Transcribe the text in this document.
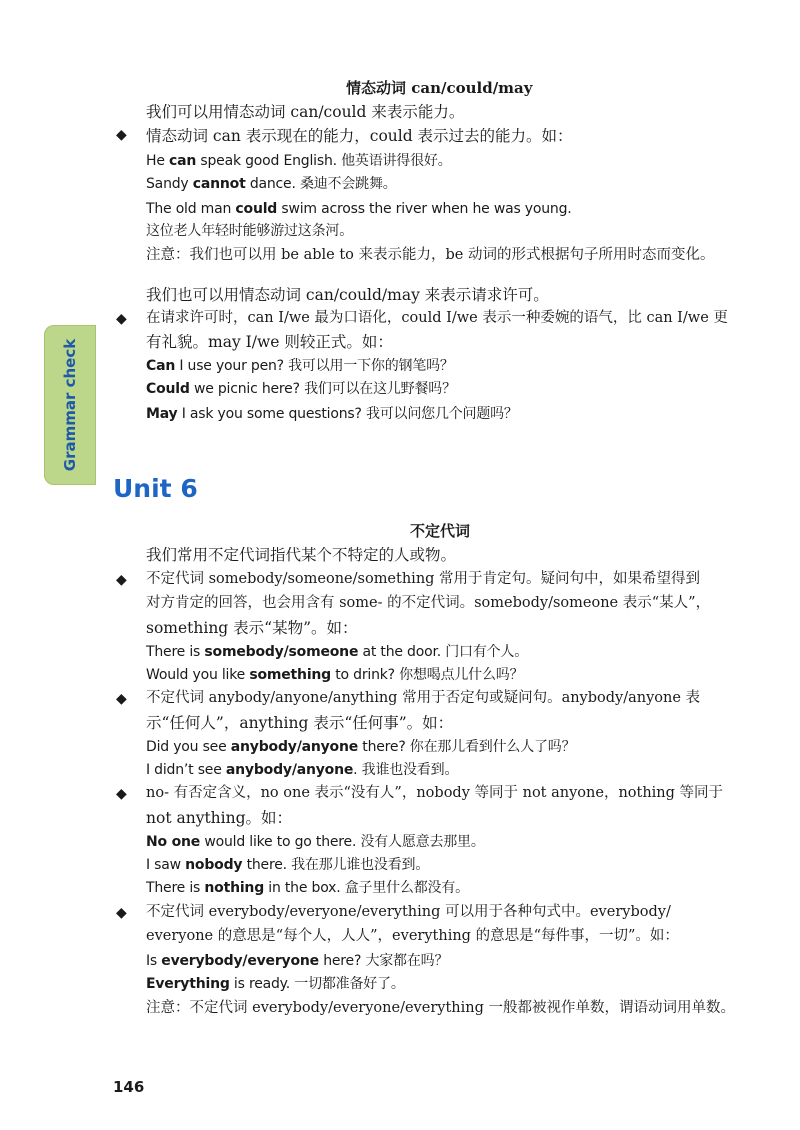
Grammar check
情态动词 can/could/may
我们可以用情态动词 can/could 来表示能力。
◆ 情态动词 can 表示现在的能力，could 表示过去的能力。如：
He can speak good English. 他英语讲得很好。
Sandy cannot dance. 桑迪不会跳舞。
The old man could swim across the river when he was young.
这位老人年轻时能够游过这条河。
注意：我们也可以用 be able to 来表示能力，be 动词的形式根据句子所用时态而变化。
我们也可以用情态动词 can/could/may 来表示请求许可。
◆ 在请求许可时，can I/we 最为口语化，could I/we 表示一种委婉的语气，比 can I/we 更
有礼貌。may I/we 则较正式。如：
Can I use your pen? 我可以用一下你的钢笔吗？
Could we picnic here? 我们可以在这儿野餐吗？
May I ask you some questions? 我可以问您几个问题吗？
Unit 6
不定代词
我们常用不定代词指代某个不特定的人或物。
◆ 不定代词 somebody/someone/something 常用于肯定句。疑问句中，如果希望得到
对方肯定的回答，也会用含有 some- 的不定代词。somebody/someone 表示“某人”，
something 表示“某物”。如：
There is somebody/someone at the door. 门口有个人。
Would you like something to drink? 你想喝点儿什么吗？
◆ 不定代词 anybody/anyone/anything 常用于否定句或疑问句。anybody/anyone 表
示“任何人”，anything 表示“任何事”。如：
Did you see anybody/anyone there? 你在那儿看到什么人了吗？
I didn’t see anybody/anyone. 我谁也没看到。
◆ no- 有否定含义，no one 表示“没有人”，nobody 等同于 not anyone，nothing 等同于
not anything。如：
No one would like to go there. 没有人愿意去那里。
I saw nobody there. 我在那儿谁也没看到。
There is nothing in the box. 盒子里什么都没有。
◆ 不定代词 everybody/everyone/everything 可以用于各种句式中。everybody/
everyone 的意思是“每个人，人人”，everything 的意思是“每件事，一切”。如：
Is everybody/everyone here? 大家都在吗？
Everything is ready. 一切都准备好了。
注意：不定代词 everybody/everyone/everything 一般都被视作单数，谓语动词用单数。
146
